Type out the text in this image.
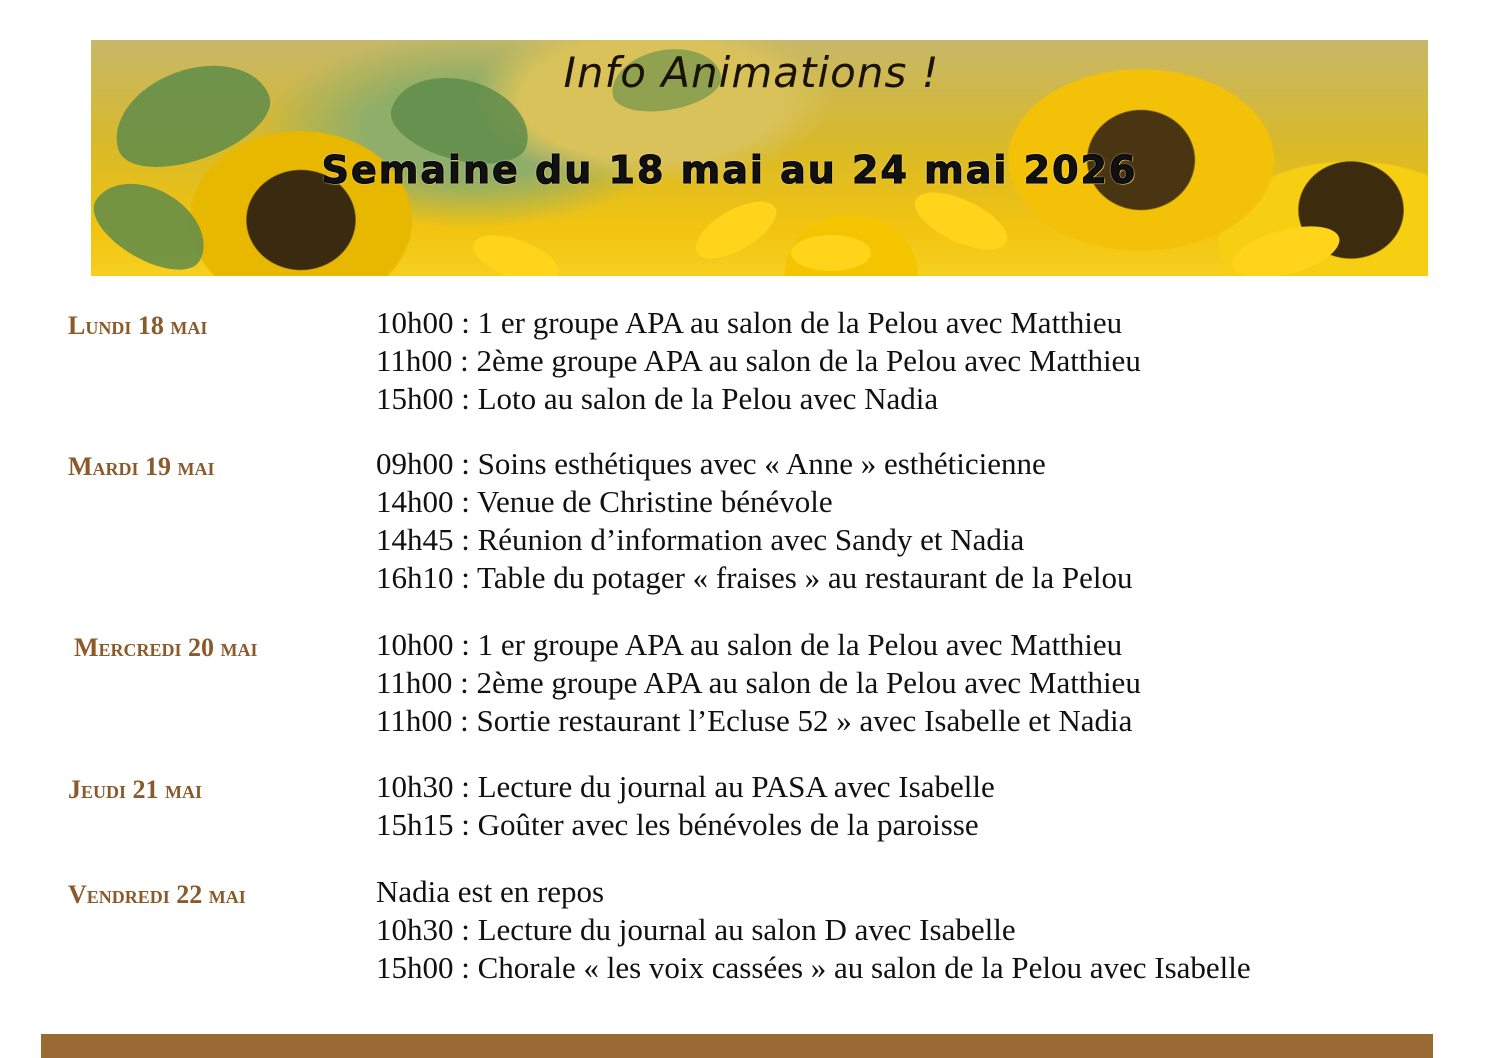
Info Animations !
Semaine du 18 mai au 24 mai 2026
Lundi 18 mai	10h00 : 1 er groupe APA au salon de la Pelou avec Matthieu
11h00 : 2ème groupe APA au salon de la Pelou avec Matthieu
15h00 : Loto au salon de la Pelou avec Nadia
Mardi 19 mai	09h00 : Soins esthétiques avec « Anne » esthéticienne
14h00 : Venue de Christine bénévole
14h45 : Réunion d’information avec Sandy et Nadia
16h10 : Table du potager « fraises » au restaurant de la Pelou
Mercredi 20 mai	10h00 : 1 er groupe APA au salon de la Pelou avec Matthieu
11h00 : 2ème groupe APA au salon de la Pelou avec Matthieu
11h00 : Sortie restaurant l’Ecluse 52 » avec Isabelle et Nadia
Jeudi 21 mai	10h30 : Lecture du journal au PASA avec Isabelle
15h15 : Goûter avec les bénévoles de la paroisse
Vendredi 22 mai	Nadia est en repos
10h30 : Lecture du journal au salon D avec Isabelle
15h00 : Chorale « les voix cassées » au salon de la Pelou avec Isabelle
